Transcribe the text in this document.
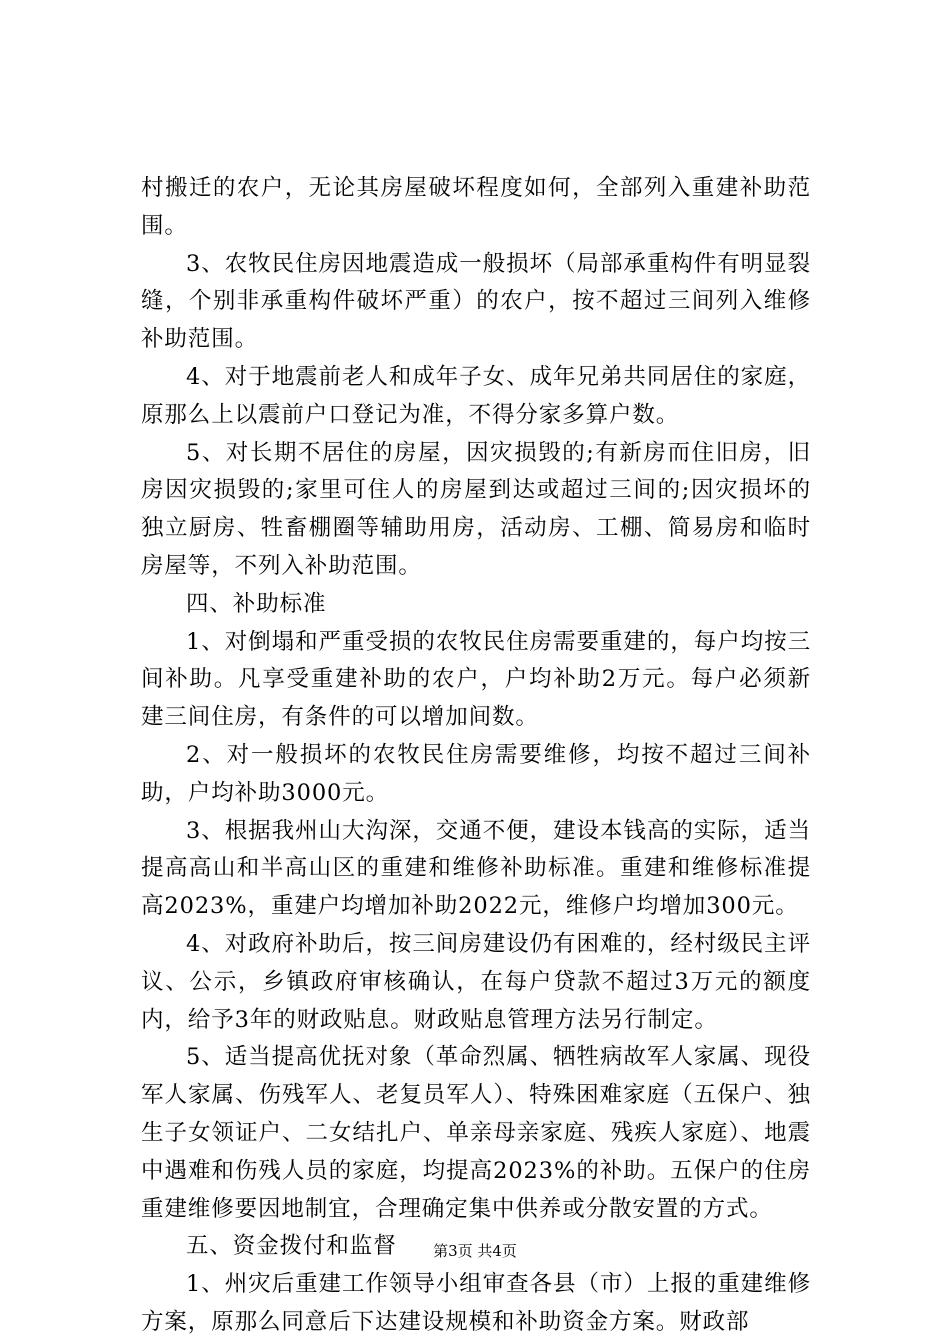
村搬迁的农户，无论其房屋破坏程度如何，全部列入重建补助范围。

3、农牧民住房因地震造成一般损坏（局部承重构件有明显裂缝，个别非承重构件破坏严重）的农户，按不超过三间列入维修补助范围。

4、对于地震前老人和成年子女、成年兄弟共同居住的家庭，原那么上以震前户口登记为准，不得分家多算户数。

5、对长期不居住的房屋，因灾损毁的;有新房而住旧房，旧房因灾损毁的;家里可住人的房屋到达或超过三间的;因灾损坏的独立厨房、牲畜棚圈等辅助用房，活动房、工棚、简易房和临时房屋等，不列入补助范围。

四、补助标准

1、对倒塌和严重受损的农牧民住房需要重建的，每户均按三间补助。凡享受重建补助的农户，户均补助2万元。每户必须新建三间住房，有条件的可以增加间数。

2、对一般损坏的农牧民住房需要维修，均按不超过三间补助，户均补助3000元。

3、根据我州山大沟深，交通不便，建设本钱高的实际，适当提高高山和半高山区的重建和维修补助标准。重建和维修标准提高2023%，重建户均增加补助2022元，维修户均增加300元。

4、对政府补助后，按三间房建设仍有困难的，经村级民主评议、公示，乡镇政府审核确认，在每户贷款不超过3万元的额度内，给予3年的财政贴息。财政贴息管理方法另行制定。

5、适当提高优抚对象（革命烈属、牺牲病故军人家属、现役军人家属、伤残军人、老复员军人）、特殊困难家庭（五保户、独生子女领证户、二女结扎户、单亲母亲家庭、残疾人家庭）、地震中遇难和伤残人员的家庭，均提高2023%的补助。五保户的住房重建维修要因地制宜，合理确定集中供养或分散安置的方式。

五、资金拨付和监督

1、州灾后重建工作领导小组审查各县（市）上报的重建维修方案，原那么同意后下达建设规模和补助资金方案。财政部

第3页 共4页
